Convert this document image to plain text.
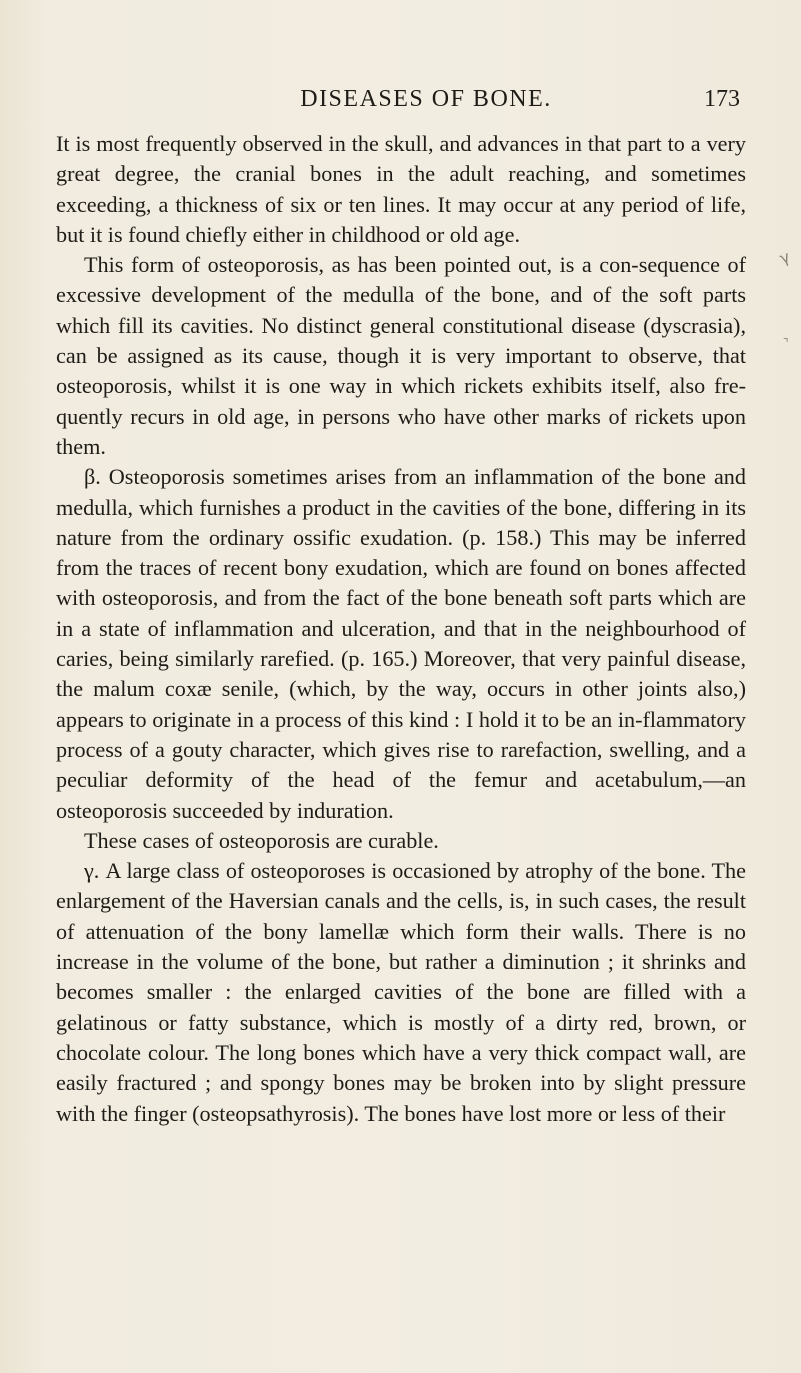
DISEASES OF BONE.	173

It is most frequently observed in the skull, and advances in that part to a very great degree, the cranial bones in the adult reaching, and sometimes exceeding, a thickness of six or ten lines. It may occur at any period of life, but it is found chiefly either in childhood or old age.

This form of osteoporosis, as has been pointed out, is a con-sequence of excessive development of the medulla of the bone, and of the soft parts which fill its cavities. No distinct general constitutional disease (dyscrasia), can be assigned as its cause, though it is very important to observe, that osteoporosis, whilst it is one way in which rickets exhibits itself, also fre-quently recurs in old age, in persons who have other marks of rickets upon them.

β. Osteoporosis sometimes arises from an inflammation of the bone and medulla, which furnishes a product in the cavities of the bone, differing in its nature from the ordinary ossific exudation. (p. 158.) This may be inferred from the traces of recent bony exudation, which are found on bones affected with osteoporosis, and from the fact of the bone beneath soft parts which are in a state of inflammation and ulceration, and that in the neighbourhood of caries, being similarly rarefied. (p. 165.) Moreover, that very painful disease, the malum coxæ senile, (which, by the way, occurs in other joints also,) appears to originate in a process of this kind : I hold it to be an in-flammatory process of a gouty character, which gives rise to rarefaction, swelling, and a peculiar deformity of the head of the femur and acetabulum,—an osteoporosis succeeded by induration.

These cases of osteoporosis are curable.

γ. A large class of osteoporoses is occasioned by atrophy of the bone. The enlargement of the Haversian canals and the cells, is, in such cases, the result of attenuation of the bony lamellæ which form their walls. There is no increase in the volume of the bone, but rather a diminution ; it shrinks and becomes smaller : the enlarged cavities of the bone are filled with a gelatinous or fatty substance, which is mostly of a dirty red, brown, or chocolate colour. The long bones which have a very thick compact wall, are easily fractured ; and spongy bones may be broken into by slight pressure with the finger (osteopsathyrosis). The bones have lost more or less of their

γ
⌝
